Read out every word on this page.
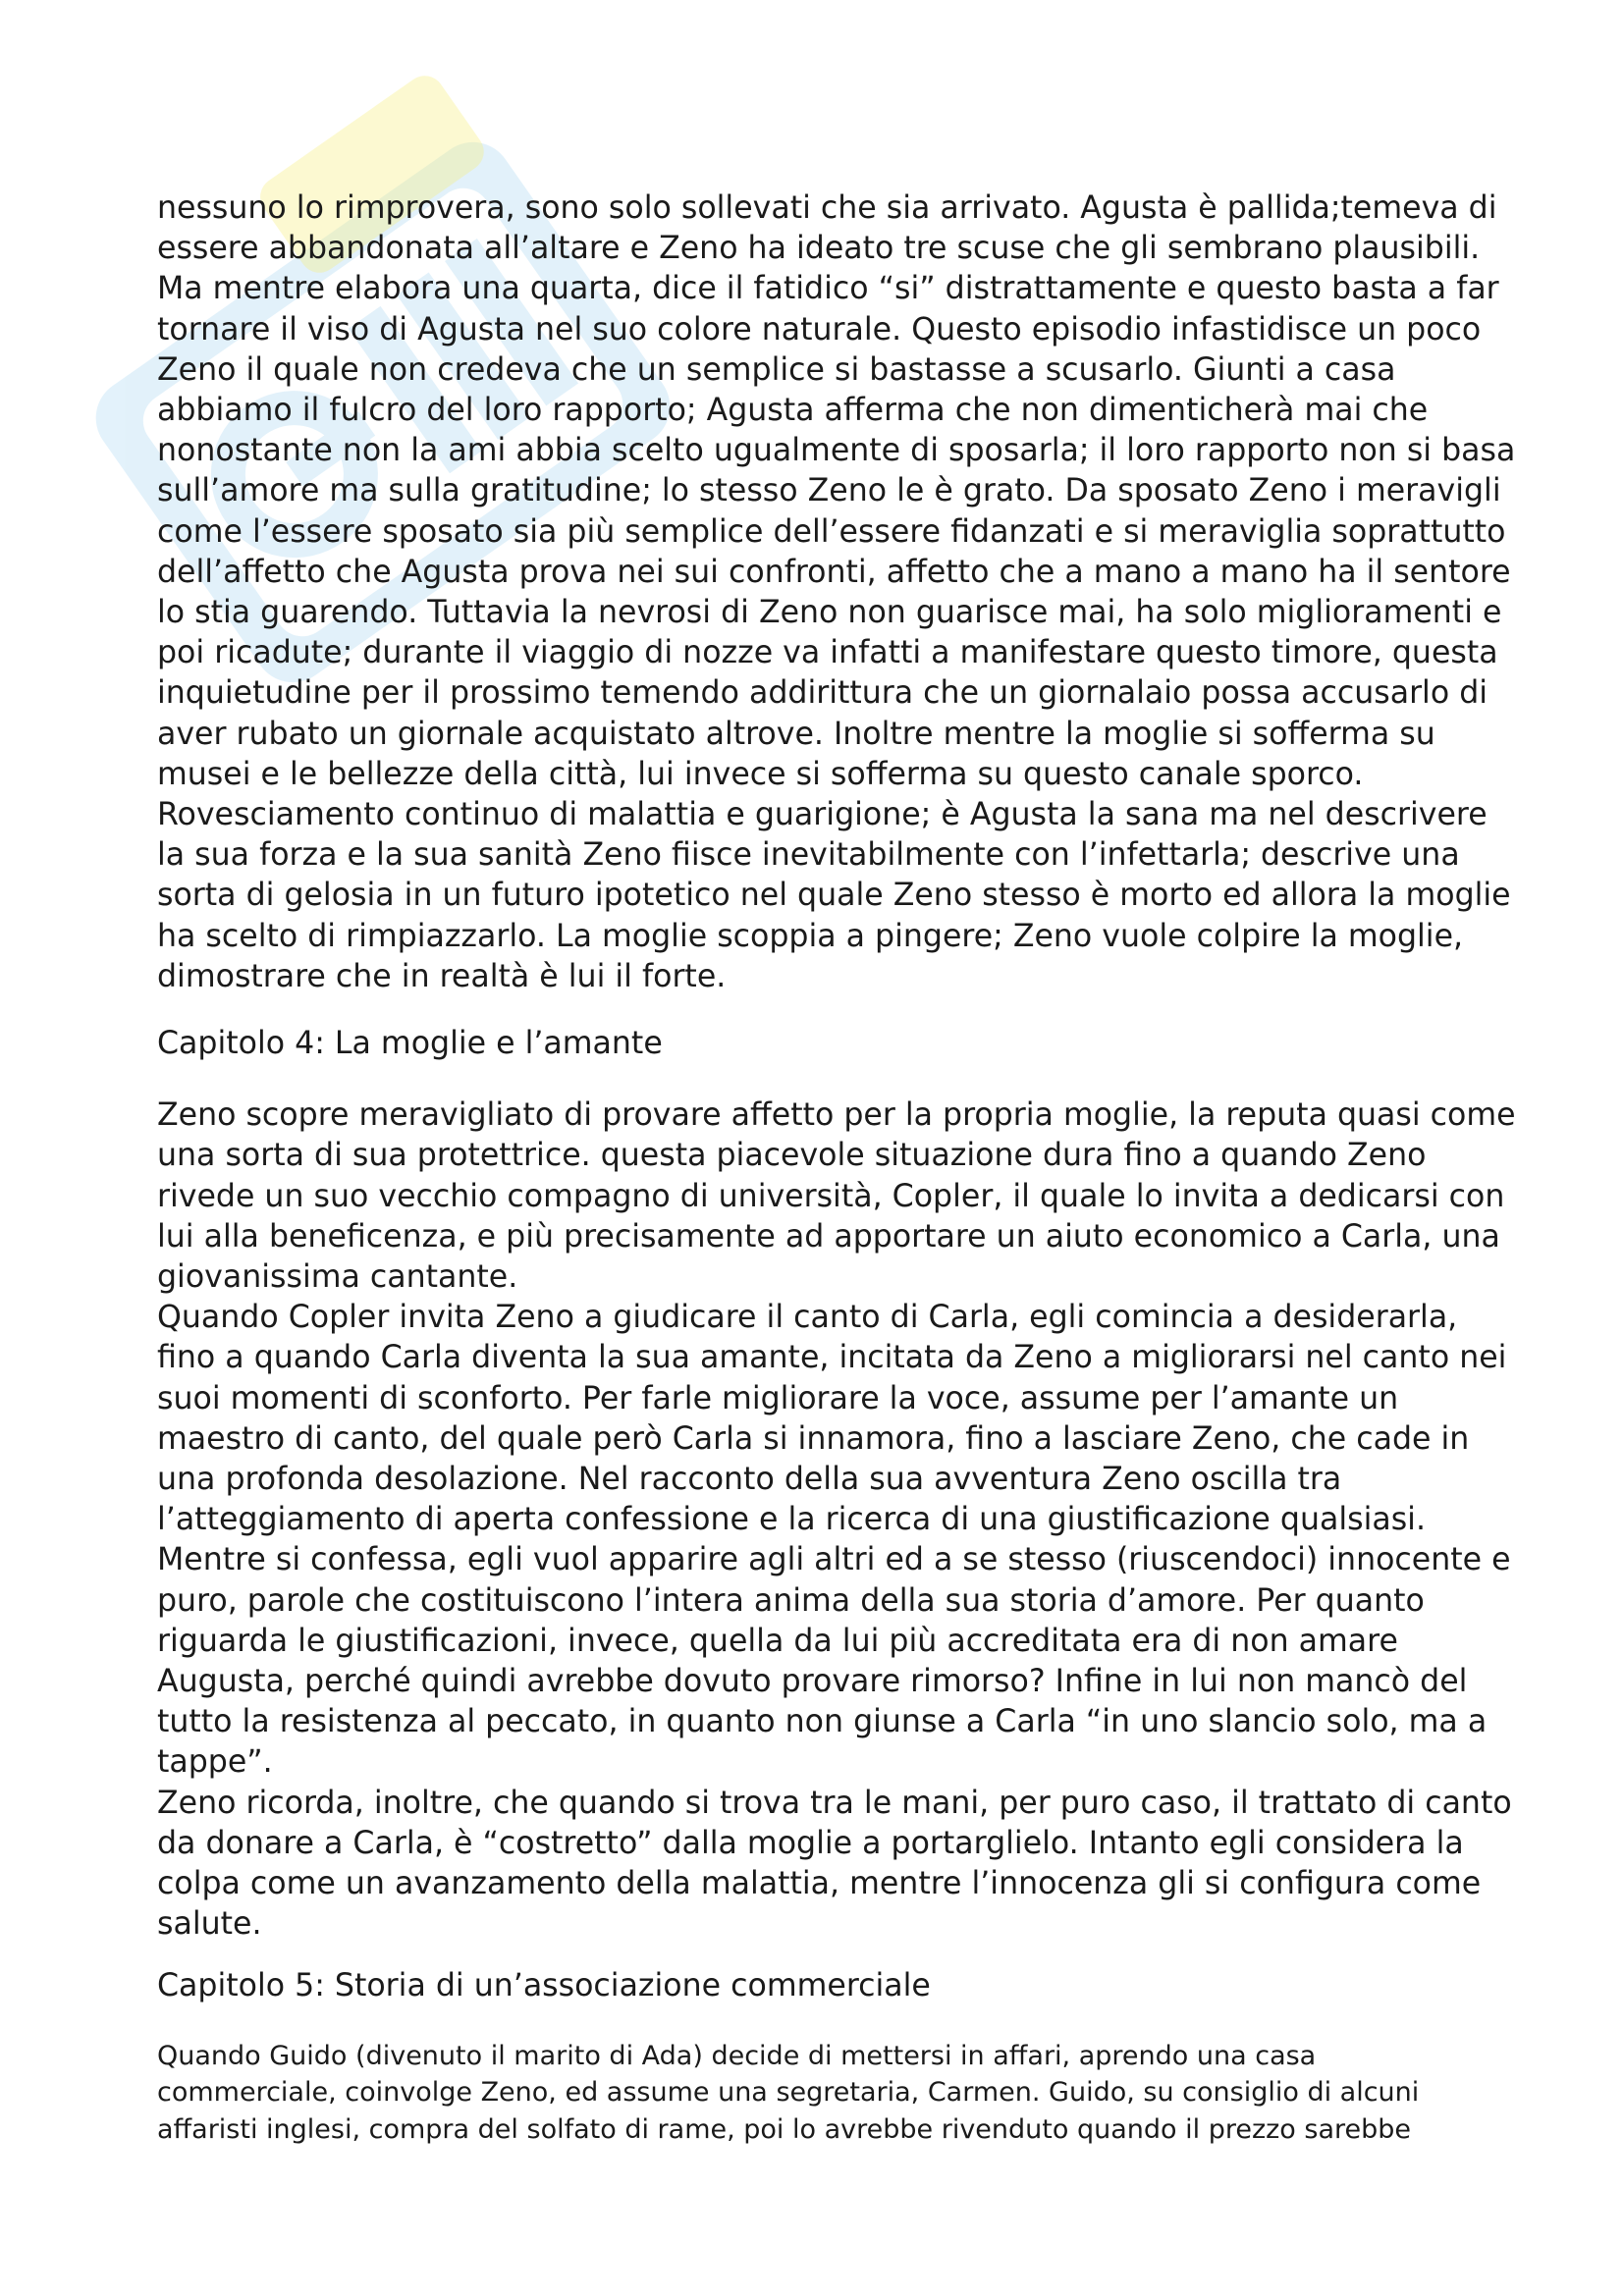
nessuno lo rimprovera, sono solo sollevati che sia arrivato. Agusta è pallida;temeva di
essere abbandonata all’altare e Zeno ha ideato tre scuse che gli sembrano plausibili.
Ma mentre elabora una quarta, dice il fatidico “si” distrattamente e questo basta a far
tornare il viso di Agusta nel suo colore naturale. Questo episodio infastidisce un poco
Zeno il quale non credeva che un semplice si bastasse a scusarlo. Giunti a casa
abbiamo il fulcro del loro rapporto; Agusta afferma che non dimenticherà mai che
nonostante non la ami abbia scelto ugualmente di sposarla; il loro rapporto non si basa
sull’amore ma sulla gratitudine; lo stesso Zeno le è grato. Da sposato Zeno i meravigli
come l’essere sposato sia più semplice dell’essere fidanzati e si meraviglia soprattutto
dell’affetto che Agusta prova nei sui confronti, affetto che a mano a mano ha il sentore
lo stia guarendo. Tuttavia la nevrosi di Zeno non guarisce mai, ha solo miglioramenti e
poi ricadute; durante il viaggio di nozze va infatti a manifestare questo timore, questa
inquietudine per il prossimo temendo addirittura che un giornalaio possa accusarlo di
aver rubato un giornale acquistato altrove. Inoltre mentre la moglie si sofferma su
musei e le bellezze della città, lui invece si sofferma su questo canale sporco.
Rovesciamento continuo di malattia e guarigione; è Agusta la sana ma nel descrivere
la sua forza e la sua sanità Zeno fiisce inevitabilmente con l’infettarla; descrive una
sorta di gelosia in un futuro ipotetico nel quale Zeno stesso è morto ed allora la moglie
ha scelto di rimpiazzarlo. La moglie scoppia a pingere; Zeno vuole colpire la moglie,
dimostrare che in realtà è lui il forte.
Capitolo 4: La moglie e l’amante
Zeno scopre meravigliato di provare affetto per la propria moglie, la reputa quasi come
una sorta di sua protettrice. questa piacevole situazione dura fino a quando Zeno
rivede un suo vecchio compagno di università, Copler, il quale lo invita a dedicarsi con
lui alla beneficenza, e più precisamente ad apportare un aiuto economico a Carla, una
giovanissima cantante.
Quando Copler invita Zeno a giudicare il canto di Carla, egli comincia a desiderarla,
fino a quando Carla diventa la sua amante, incitata da Zeno a migliorarsi nel canto nei
suoi momenti di sconforto. Per farle migliorare la voce, assume per l’amante un
maestro di canto, del quale però Carla si innamora, fino a lasciare Zeno, che cade in
una profonda desolazione. Nel racconto della sua avventura Zeno oscilla tra
l’atteggiamento di aperta confessione e la ricerca di una giustificazione qualsiasi.
Mentre si confessa, egli vuol apparire agli altri ed a se stesso (riuscendoci) innocente e
puro, parole che costituiscono l’intera anima della sua storia d’amore. Per quanto
riguarda le giustificazioni, invece, quella da lui più accreditata era di non amare
Augusta, perché quindi avrebbe dovuto provare rimorso? Infine in lui non mancò del
tutto la resistenza al peccato, in quanto non giunse a Carla “in uno slancio solo, ma a
tappe”.
Zeno ricorda, inoltre, che quando si trova tra le mani, per puro caso, il trattato di canto
da donare a Carla, è “costretto” dalla moglie a portarglielo. Intanto egli considera la
colpa come un avanzamento della malattia, mentre l’innocenza gli si configura come
salute.
Capitolo 5: Storia di un’associazione commerciale
Quando Guido (divenuto il marito di Ada) decide di mettersi in affari, aprendo una casa
commerciale, coinvolge Zeno, ed assume una segretaria, Carmen. Guido, su consiglio di alcuni
affaristi inglesi, compra del solfato di rame, poi lo avrebbe rivenduto quando il prezzo sarebbe
